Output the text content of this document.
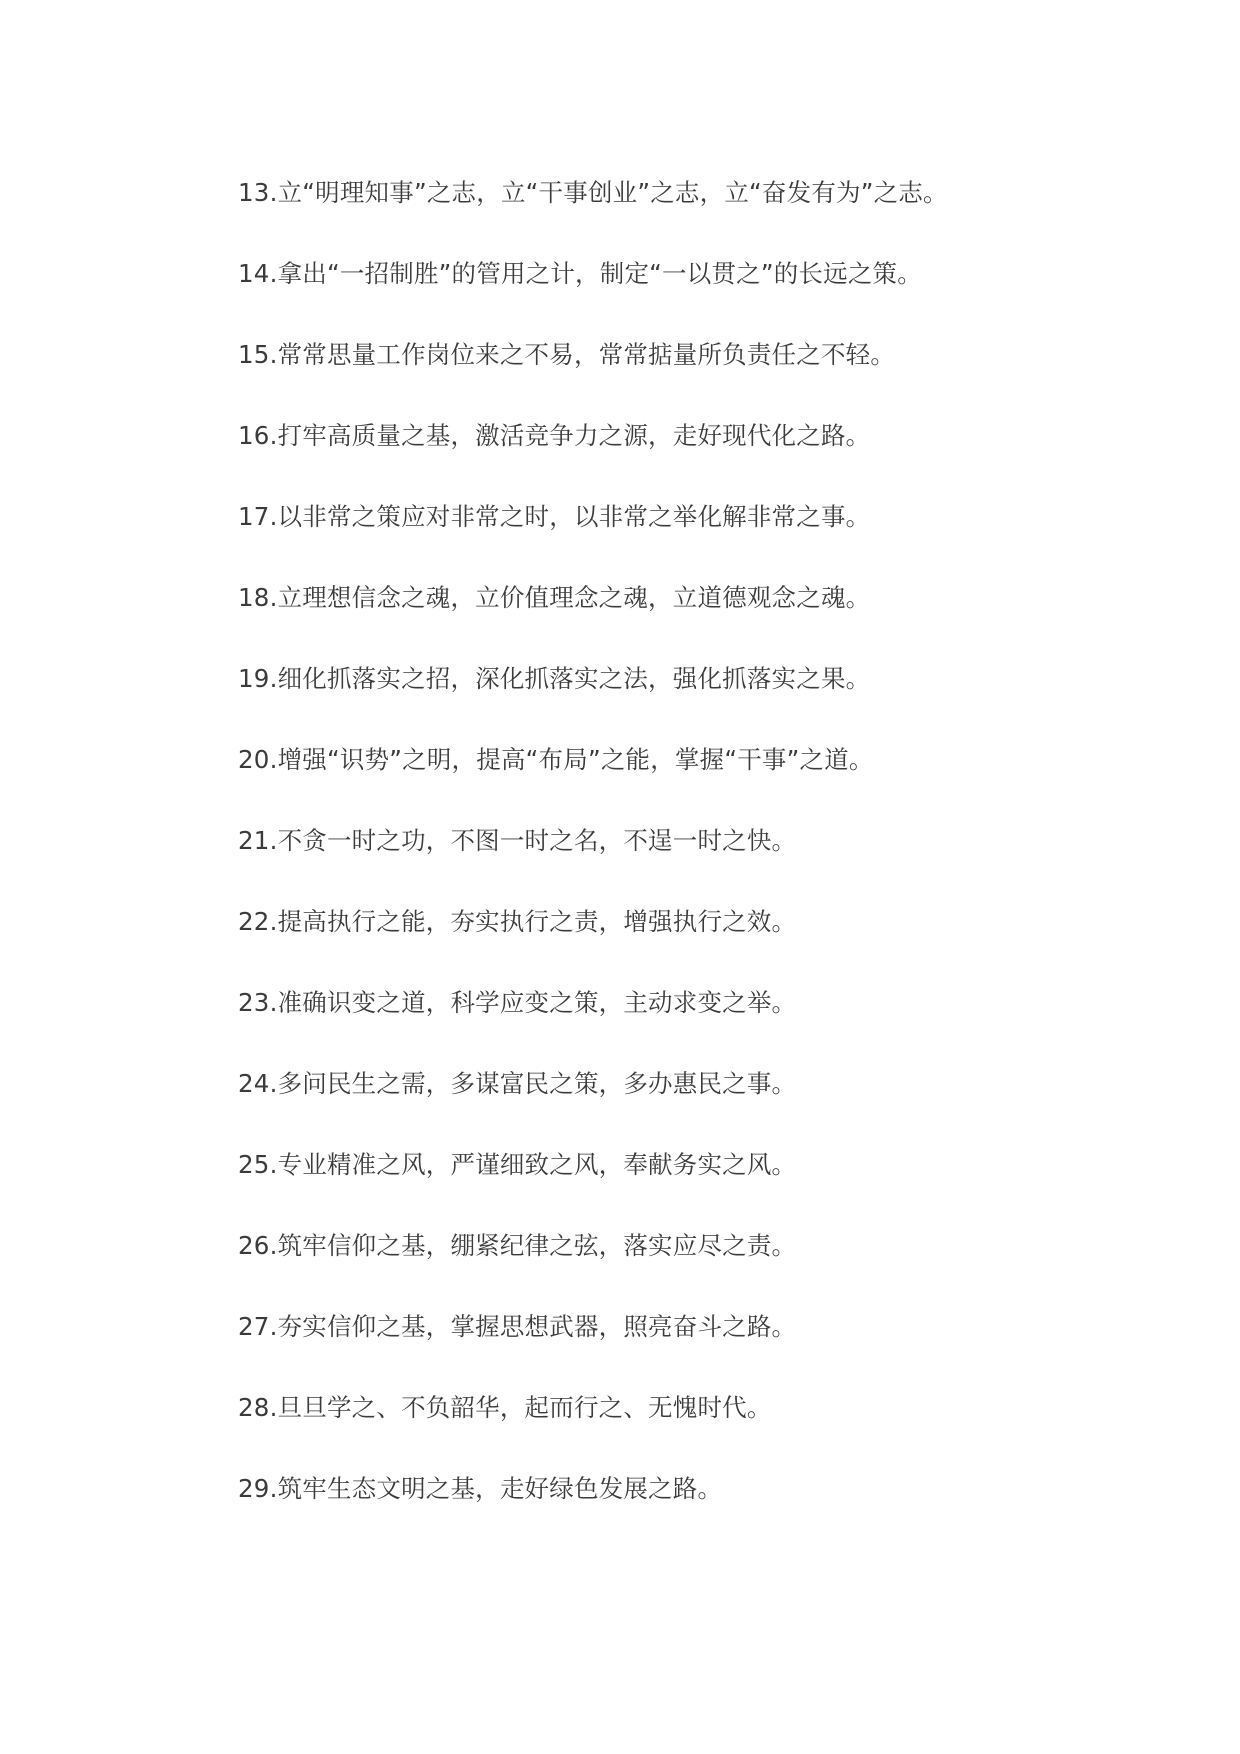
13.立“明理知事”之志，立“干事创业”之志，立“奋发有为”之志。
14.拿出“一招制胜”的管用之计，制定“一以贯之”的长远之策。
15.常常思量工作岗位来之不易，常常掂量所负责任之不轻。
16.打牢高质量之基，激活竞争力之源，走好现代化之路。
17.以非常之策应对非常之时，以非常之举化解非常之事。
18.立理想信念之魂，立价值理念之魂，立道德观念之魂。
19.细化抓落实之招，深化抓落实之法，强化抓落实之果。
20.增强“识势”之明，提高“布局”之能，掌握“干事”之道。
21.不贪一时之功，不图一时之名，不逞一时之快。
22.提高执行之能，夯实执行之责，增强执行之效。
23.准确识变之道，科学应变之策，主动求变之举。
24.多问民生之需，多谋富民之策，多办惠民之事。
25.专业精准之风，严谨细致之风，奉献务实之风。
26.筑牢信仰之基，绷紧纪律之弦，落实应尽之责。
27.夯实信仰之基，掌握思想武器，照亮奋斗之路。
28.旦旦学之、不负韶华，起而行之、无愧时代。
29.筑牢生态文明之基，走好绿色发展之路。
